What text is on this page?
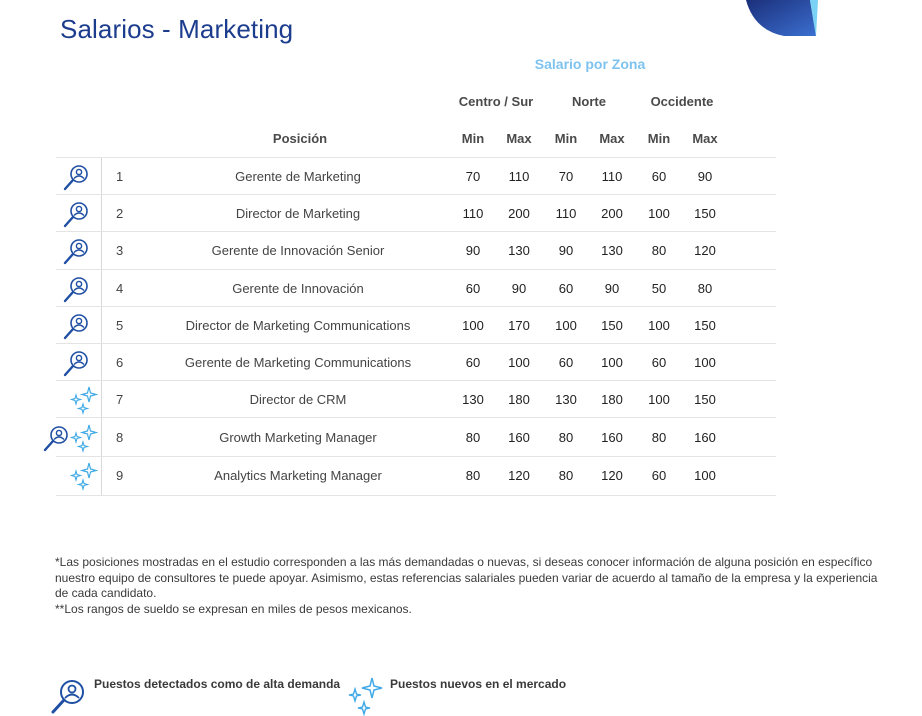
Salarios - Marketing
Salario por Zona
Centro / Sur	Norte	Occidente
Posición	Min	Max	Min	Max	Min	Max
1	Gerente de Marketing	70	110	70	110	60	90
2	Director de Marketing	110	200	110	200	100	150
3	Gerente de Innovación Senior	90	130	90	130	80	120
4	Gerente de Innovación	60	90	60	90	50	80
5	Director de Marketing Communications	100	170	100	150	100	150
6	Gerente de Marketing Communications	60	100	60	100	60	100
7	Director de CRM	130	180	130	180	100	150
8	Growth Marketing Manager	80	160	80	160	80	160
9	Analytics Marketing Manager	80	120	80	120	60	100
*Las posiciones mostradas en el estudio corresponden a las más demandadas o nuevas, si deseas conocer información de alguna posición en específico nuestro equipo de consultores te puede apoyar. Asimismo, estas referencias salariales pueden variar de acuerdo al tamaño de la empresa y la experiencia de cada candidato.
**Los rangos de sueldo se expresan en miles de pesos mexicanos.
Puestos detectados como de alta demanda	Puestos nuevos en el mercado
